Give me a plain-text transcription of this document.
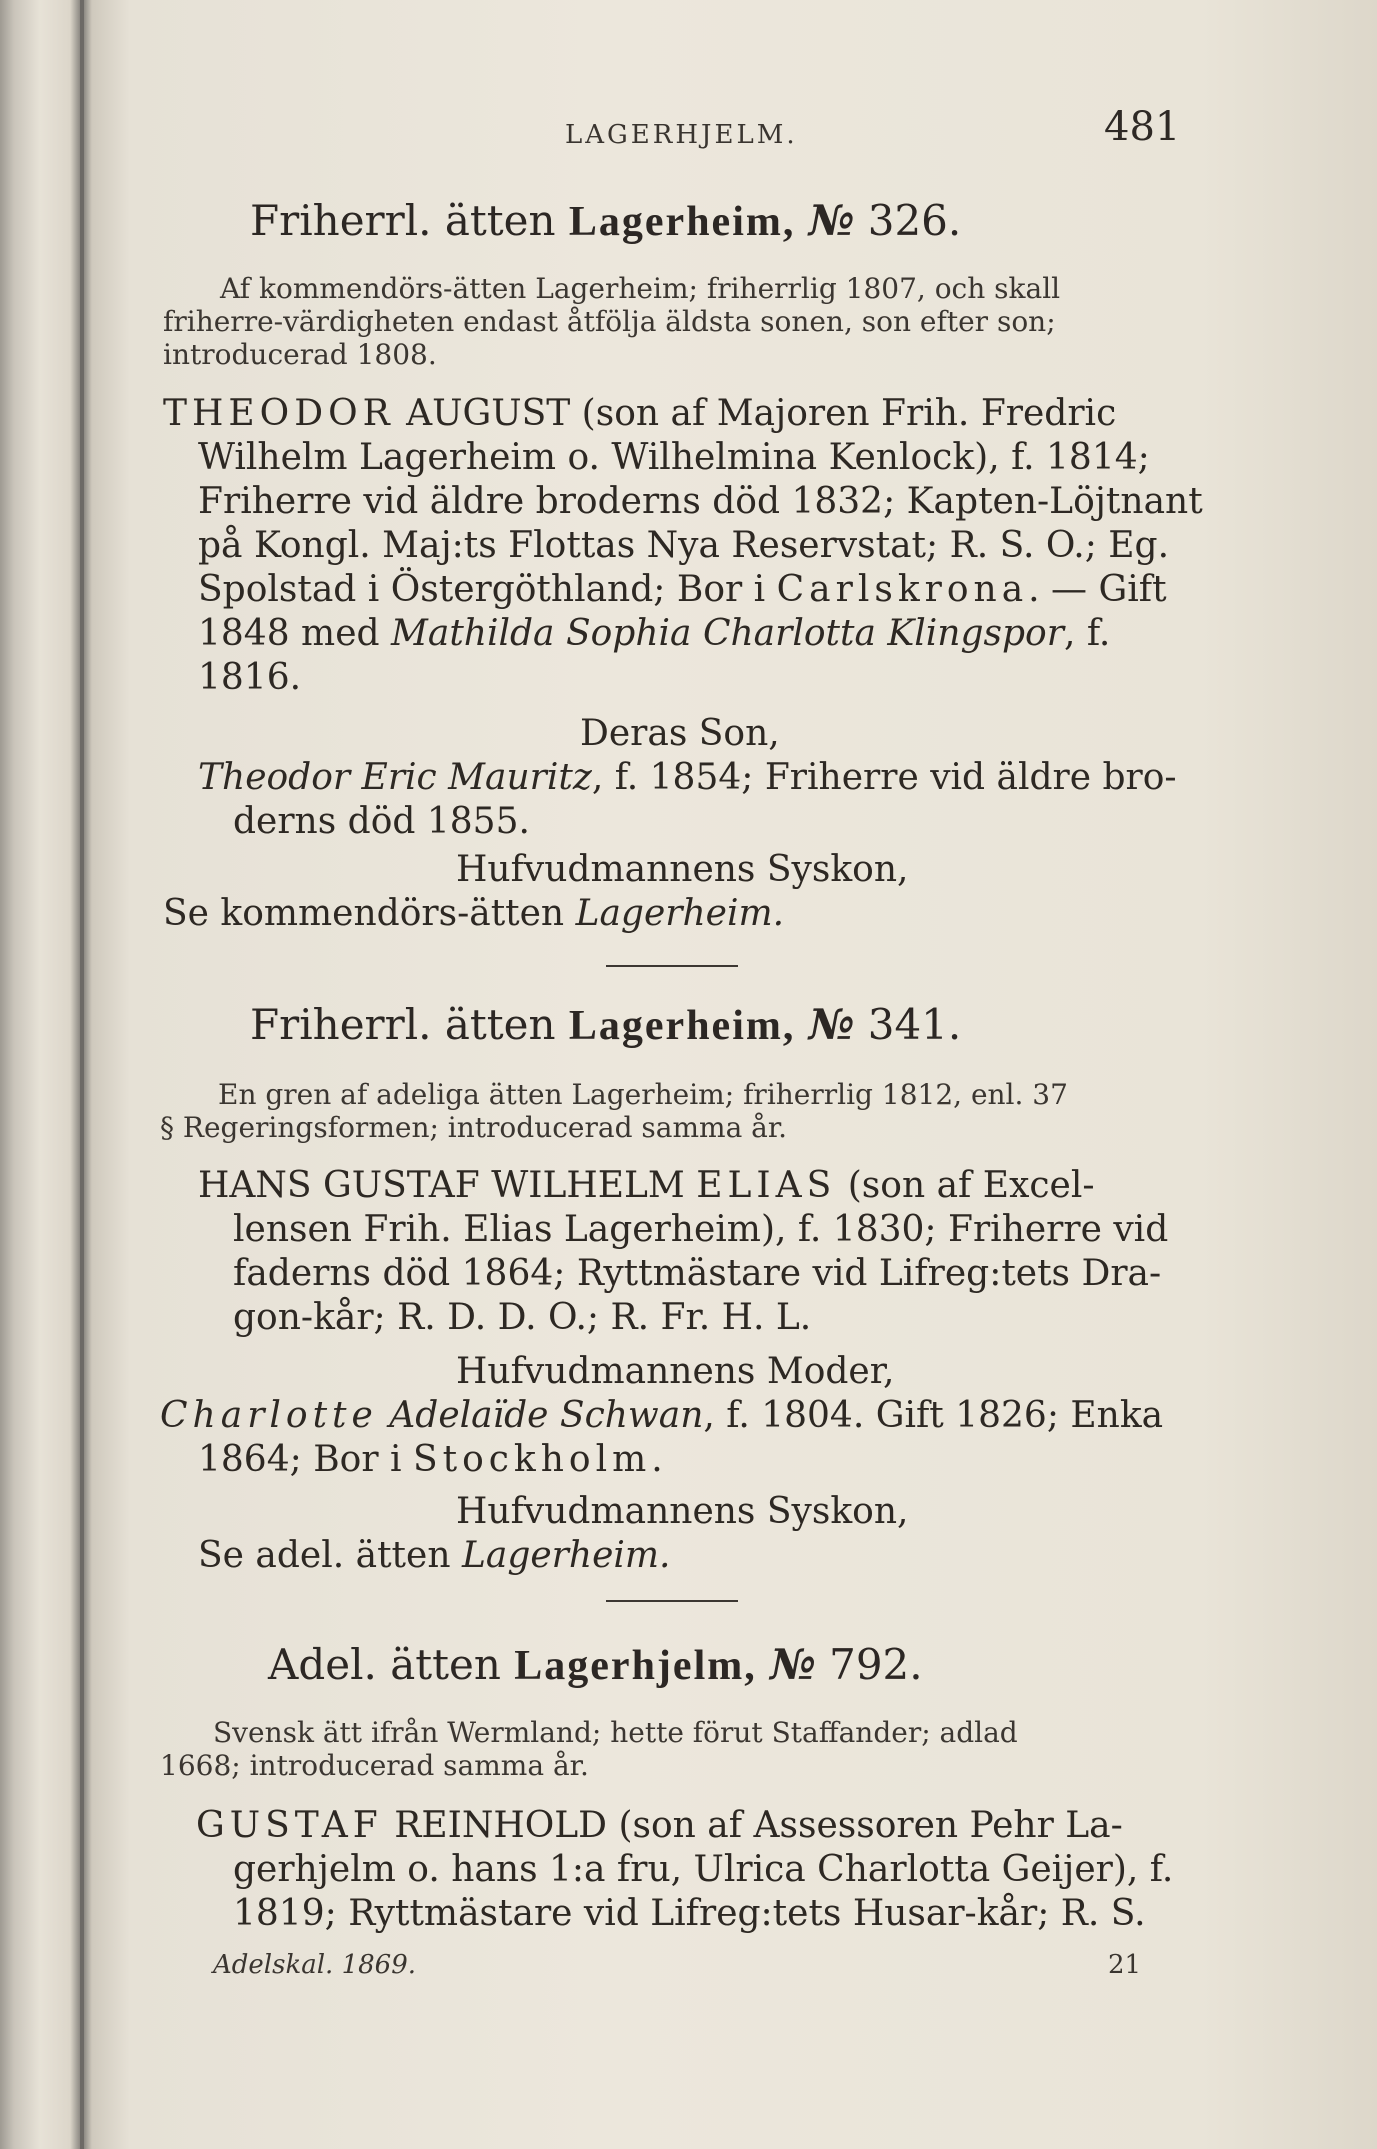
LAGERHJELM.	481
Friherrl. ätten Lagerheim, № 326.
Af kommendörs-ätten Lagerheim; friherrlig 1807, och skall
friherre-värdigheten endast åtfölja äldsta sonen, son efter son;
introducerad 1808.
THEODOR AUGUST (son af Majoren Frih. Fredric
Wilhelm Lagerheim o. Wilhelmina Kenlock), f. 1814;
Friherre vid äldre broderns död 1832; Kapten-Löjtnant
på Kongl. Maj:ts Flottas Nya Reservstat; R. S. O.; Eg.
Spolstad i Östergöthland; Bor i Carlskrona. — Gift
1848 med Mathilda Sophia Charlotta Klingspor, f.
1816.
Deras Son,
Theodor Eric Mauritz, f. 1854; Friherre vid äldre bro-
derns död 1855.
Hufvudmannens Syskon,
Se kommendörs-ätten Lagerheim.
Friherrl. ätten Lagerheim, № 341.
En gren af adeliga ätten Lagerheim; friherrlig 1812, enl. 37
§ Regeringsformen; introducerad samma år.
HANS GUSTAF WILHELM ELIAS (son af Excel-
lensen Frih. Elias Lagerheim), f. 1830; Friherre vid
faderns död 1864; Ryttmästare vid Lifreg:tets Dra-
gon-kår; R. D. D. O.; R. Fr. H. L.
Hufvudmannens Moder,
Charlotte Adelaïde Schwan, f. 1804. Gift 1826; Enka
1864; Bor i Stockholm.
Hufvudmannens Syskon,
Se adel. ätten Lagerheim.
Adel. ätten Lagerhjelm, № 792.
Svensk ätt ifrån Wermland; hette förut Staffander; adlad
1668; introducerad samma år.
GUSTAF REINHOLD (son af Assessoren Pehr La-
gerhjelm o. hans 1:a fru, Ulrica Charlotta Geijer), f.
1819; Ryttmästare vid Lifreg:tets Husar-kår; R. S.
Adelskal. 1869.	21
